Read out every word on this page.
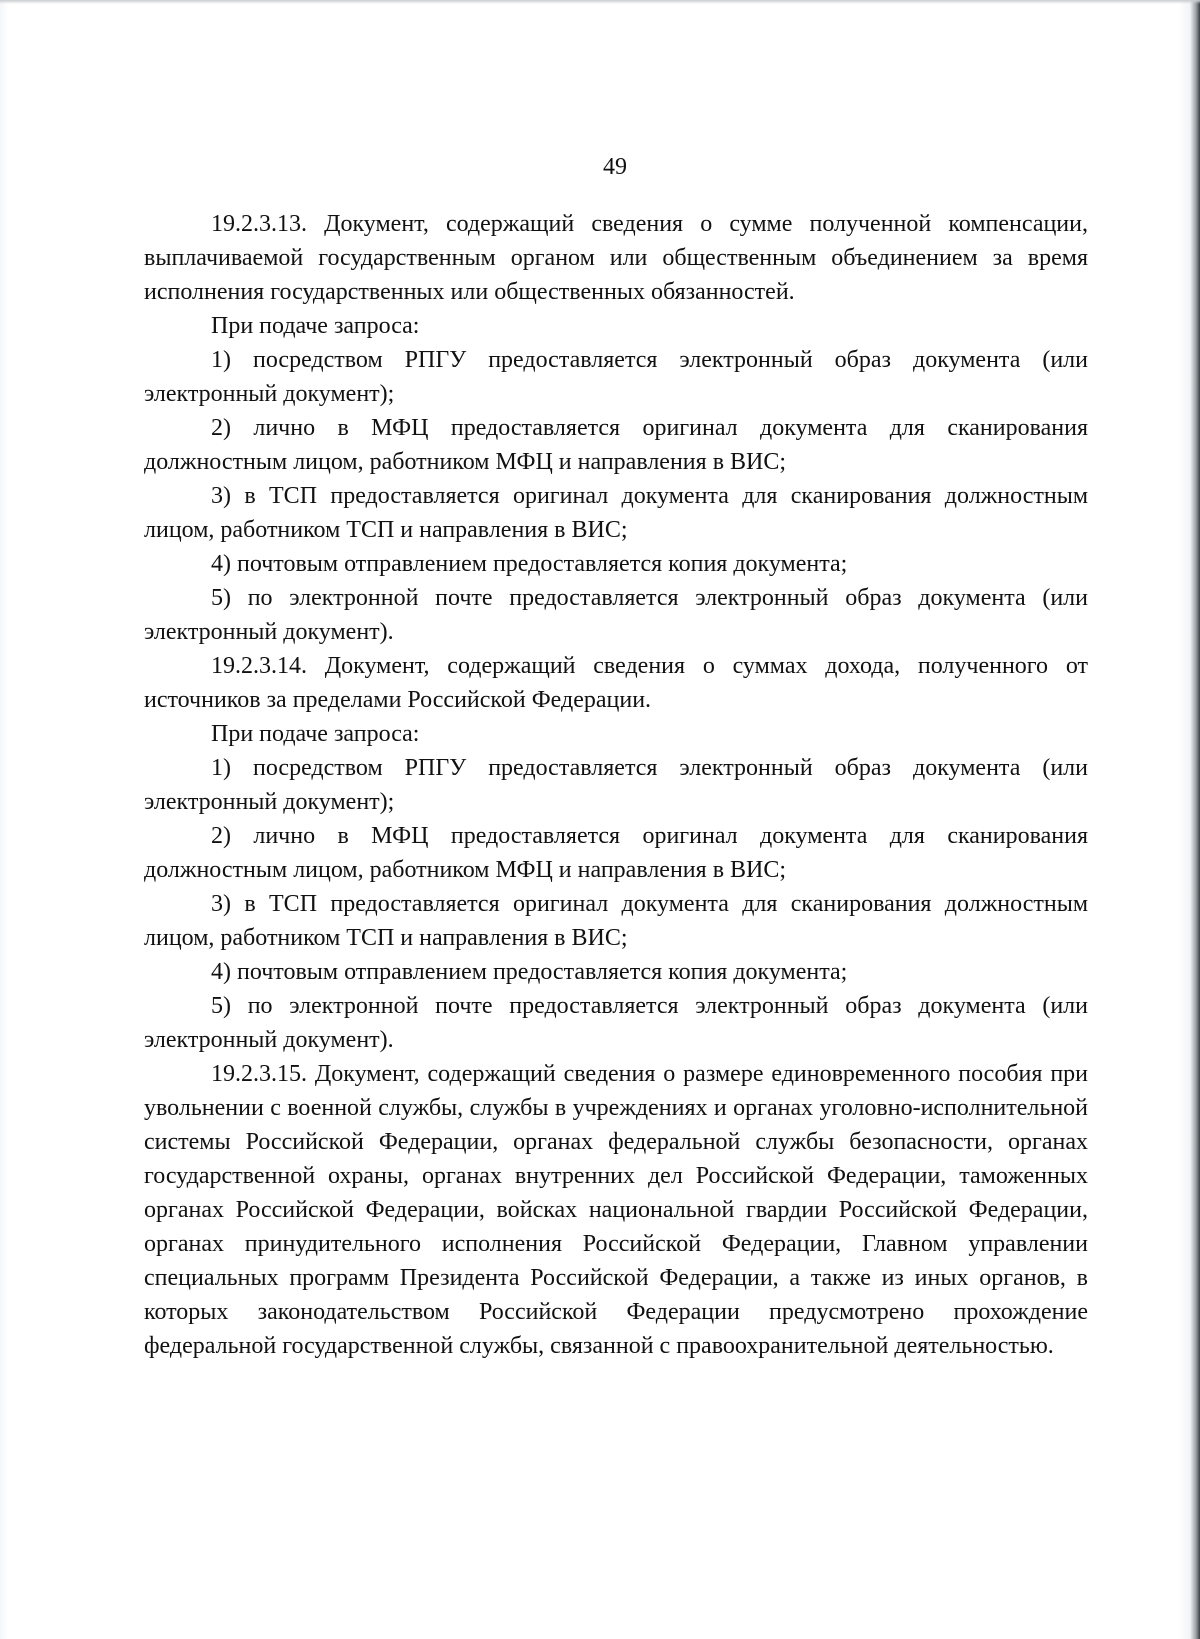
49

19.2.3.13. Документ, содержащий сведения о сумме полученной компенсации, выплачиваемой государственным органом или общественным объединением за время исполнения государственных или общественных обязанностей.

При подаче запроса:

1) посредством РПГУ предоставляется электронный образ документа (или электронный документ);

2) лично в МФЦ предоставляется оригинал документа для сканирования должностным лицом, работником МФЦ и направления в ВИС;

3) в ТСП предоставляется оригинал документа для сканирования должностным лицом, работником ТСП и направления в ВИС;

4) почтовым отправлением предоставляется копия документа;

5) по электронной почте предоставляется электронный образ документа (или электронный документ).

19.2.3.14. Документ, содержащий сведения о суммах дохода, полученного от источников за пределами Российской Федерации.

При подаче запроса:

1) посредством РПГУ предоставляется электронный образ документа (или электронный документ);

2) лично в МФЦ предоставляется оригинал документа для сканирования должностным лицом, работником МФЦ и направления в ВИС;

3) в ТСП предоставляется оригинал документа для сканирования должностным лицом, работником ТСП и направления в ВИС;

4) почтовым отправлением предоставляется копия документа;

5) по электронной почте предоставляется электронный образ документа (или электронный документ).

19.2.3.15. Документ, содержащий сведения о размере единовременного пособия при увольнении с военной службы, службы в учреждениях и органах уголовно-исполнительной системы Российской Федерации, органах федеральной службы безопасности, органах государственной охраны, органах внутренних дел Российской Федерации, таможенных органах Российской Федерации, войсках национальной гвардии Российской Федерации, органах принудительного исполнения Российской Федерации, Главном управлении специальных программ Президента Российской Федерации, а также из иных органов, в которых законодательством Российской Федерации предусмотрено прохождение федеральной государственной службы, связанной с правоохранительной деятельностью.
